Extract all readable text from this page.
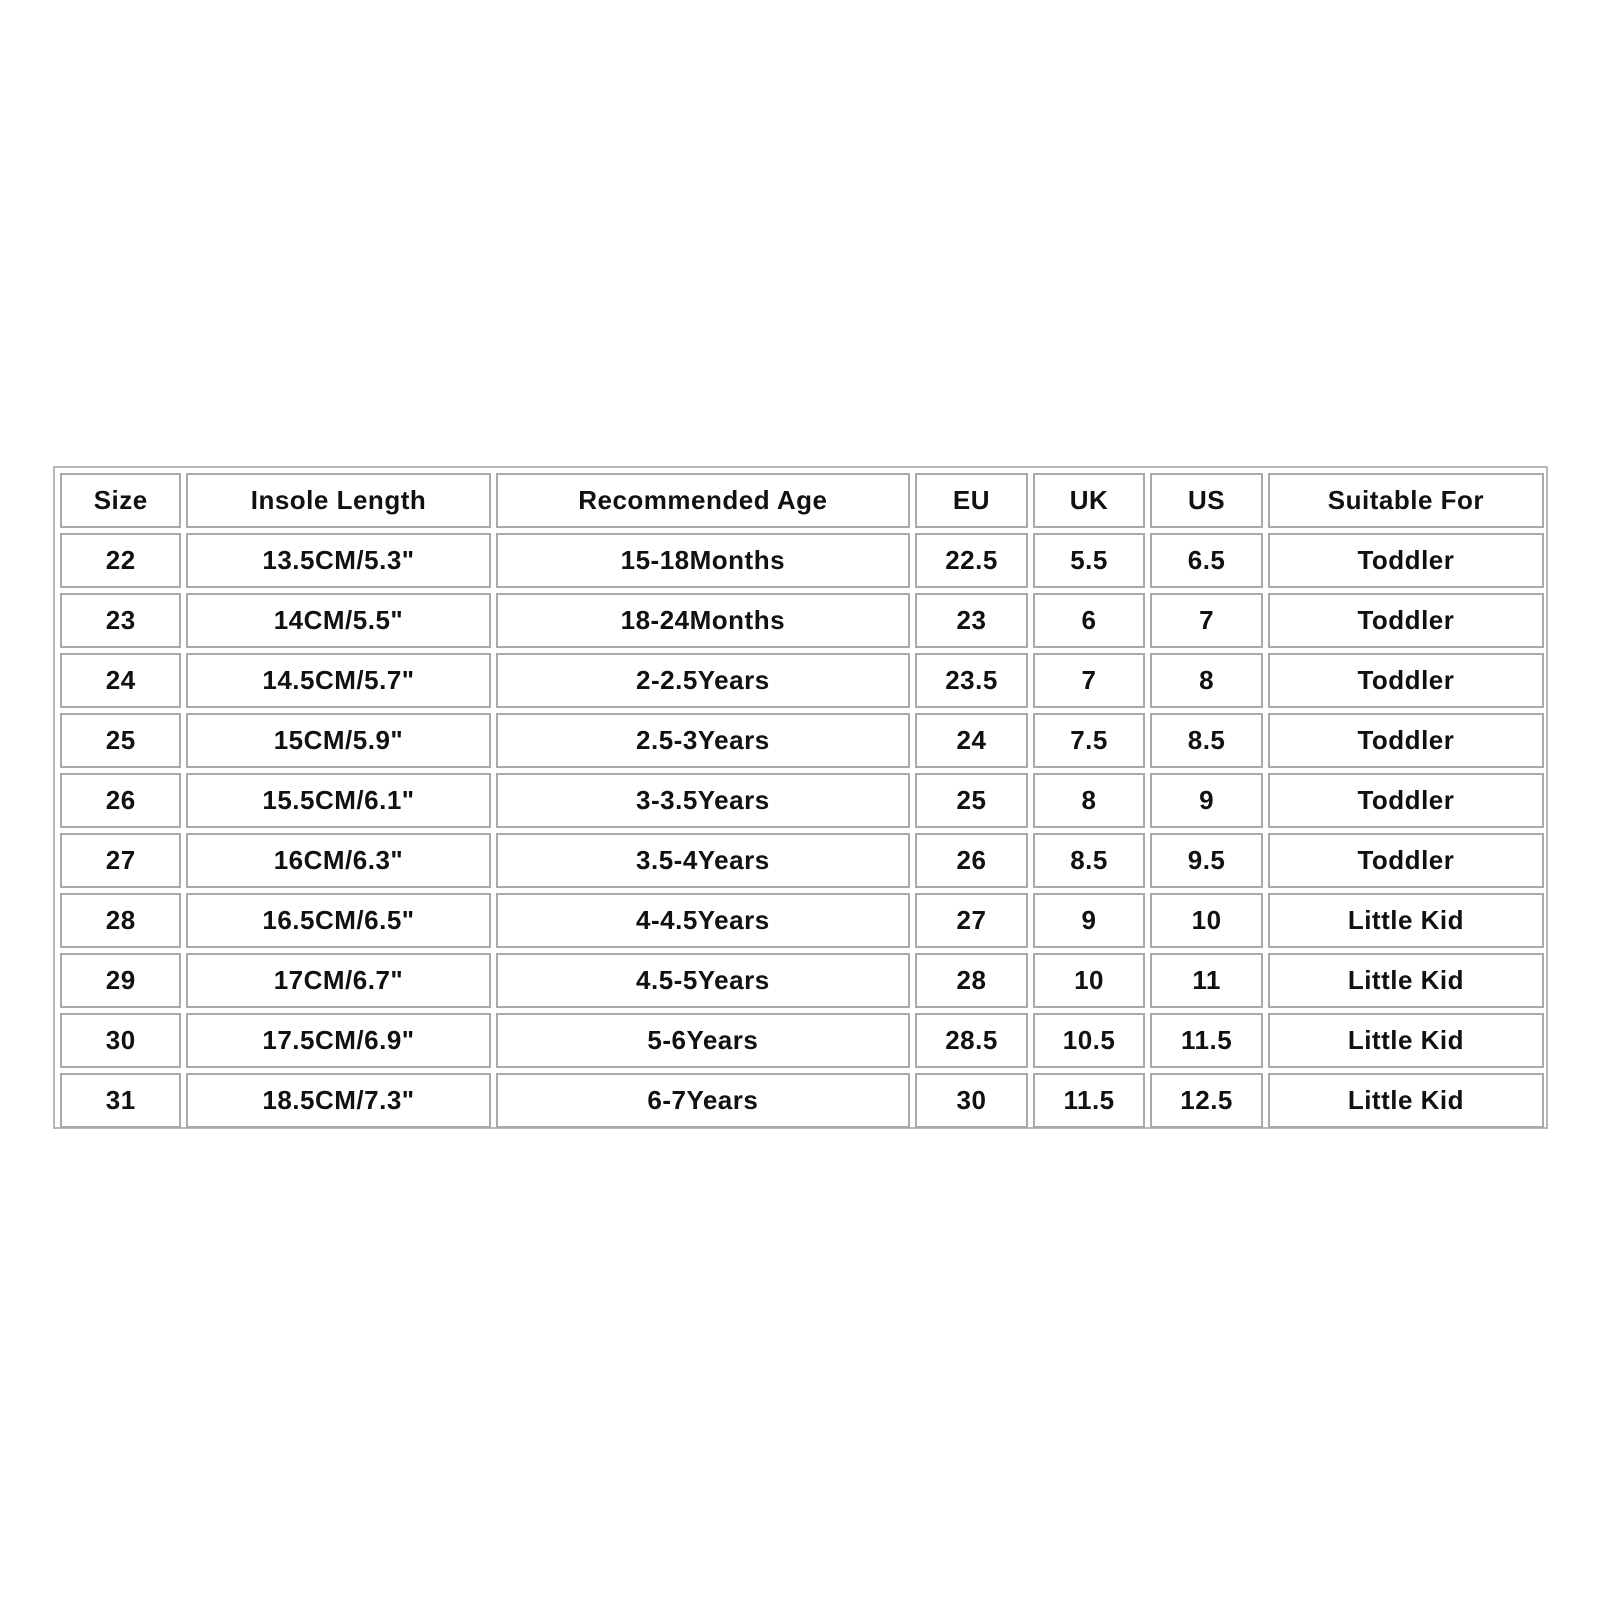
Size	Insole Length	Recommended Age	EU	UK	US	Suitable For
22	13.5CM/5.3"	15-18Months	22.5	5.5	6.5	Toddler
23	14CM/5.5"	18-24Months	23	6	7	Toddler
24	14.5CM/5.7"	2-2.5Years	23.5	7	8	Toddler
25	15CM/5.9"	2.5-3Years	24	7.5	8.5	Toddler
26	15.5CM/6.1"	3-3.5Years	25	8	9	Toddler
27	16CM/6.3"	3.5-4Years	26	8.5	9.5	Toddler
28	16.5CM/6.5"	4-4.5Years	27	9	10	Little Kid
29	17CM/6.7"	4.5-5Years	28	10	11	Little Kid
30	17.5CM/6.9"	5-6Years	28.5	10.5	11.5	Little Kid
31	18.5CM/7.3"	6-7Years	30	11.5	12.5	Little Kid
